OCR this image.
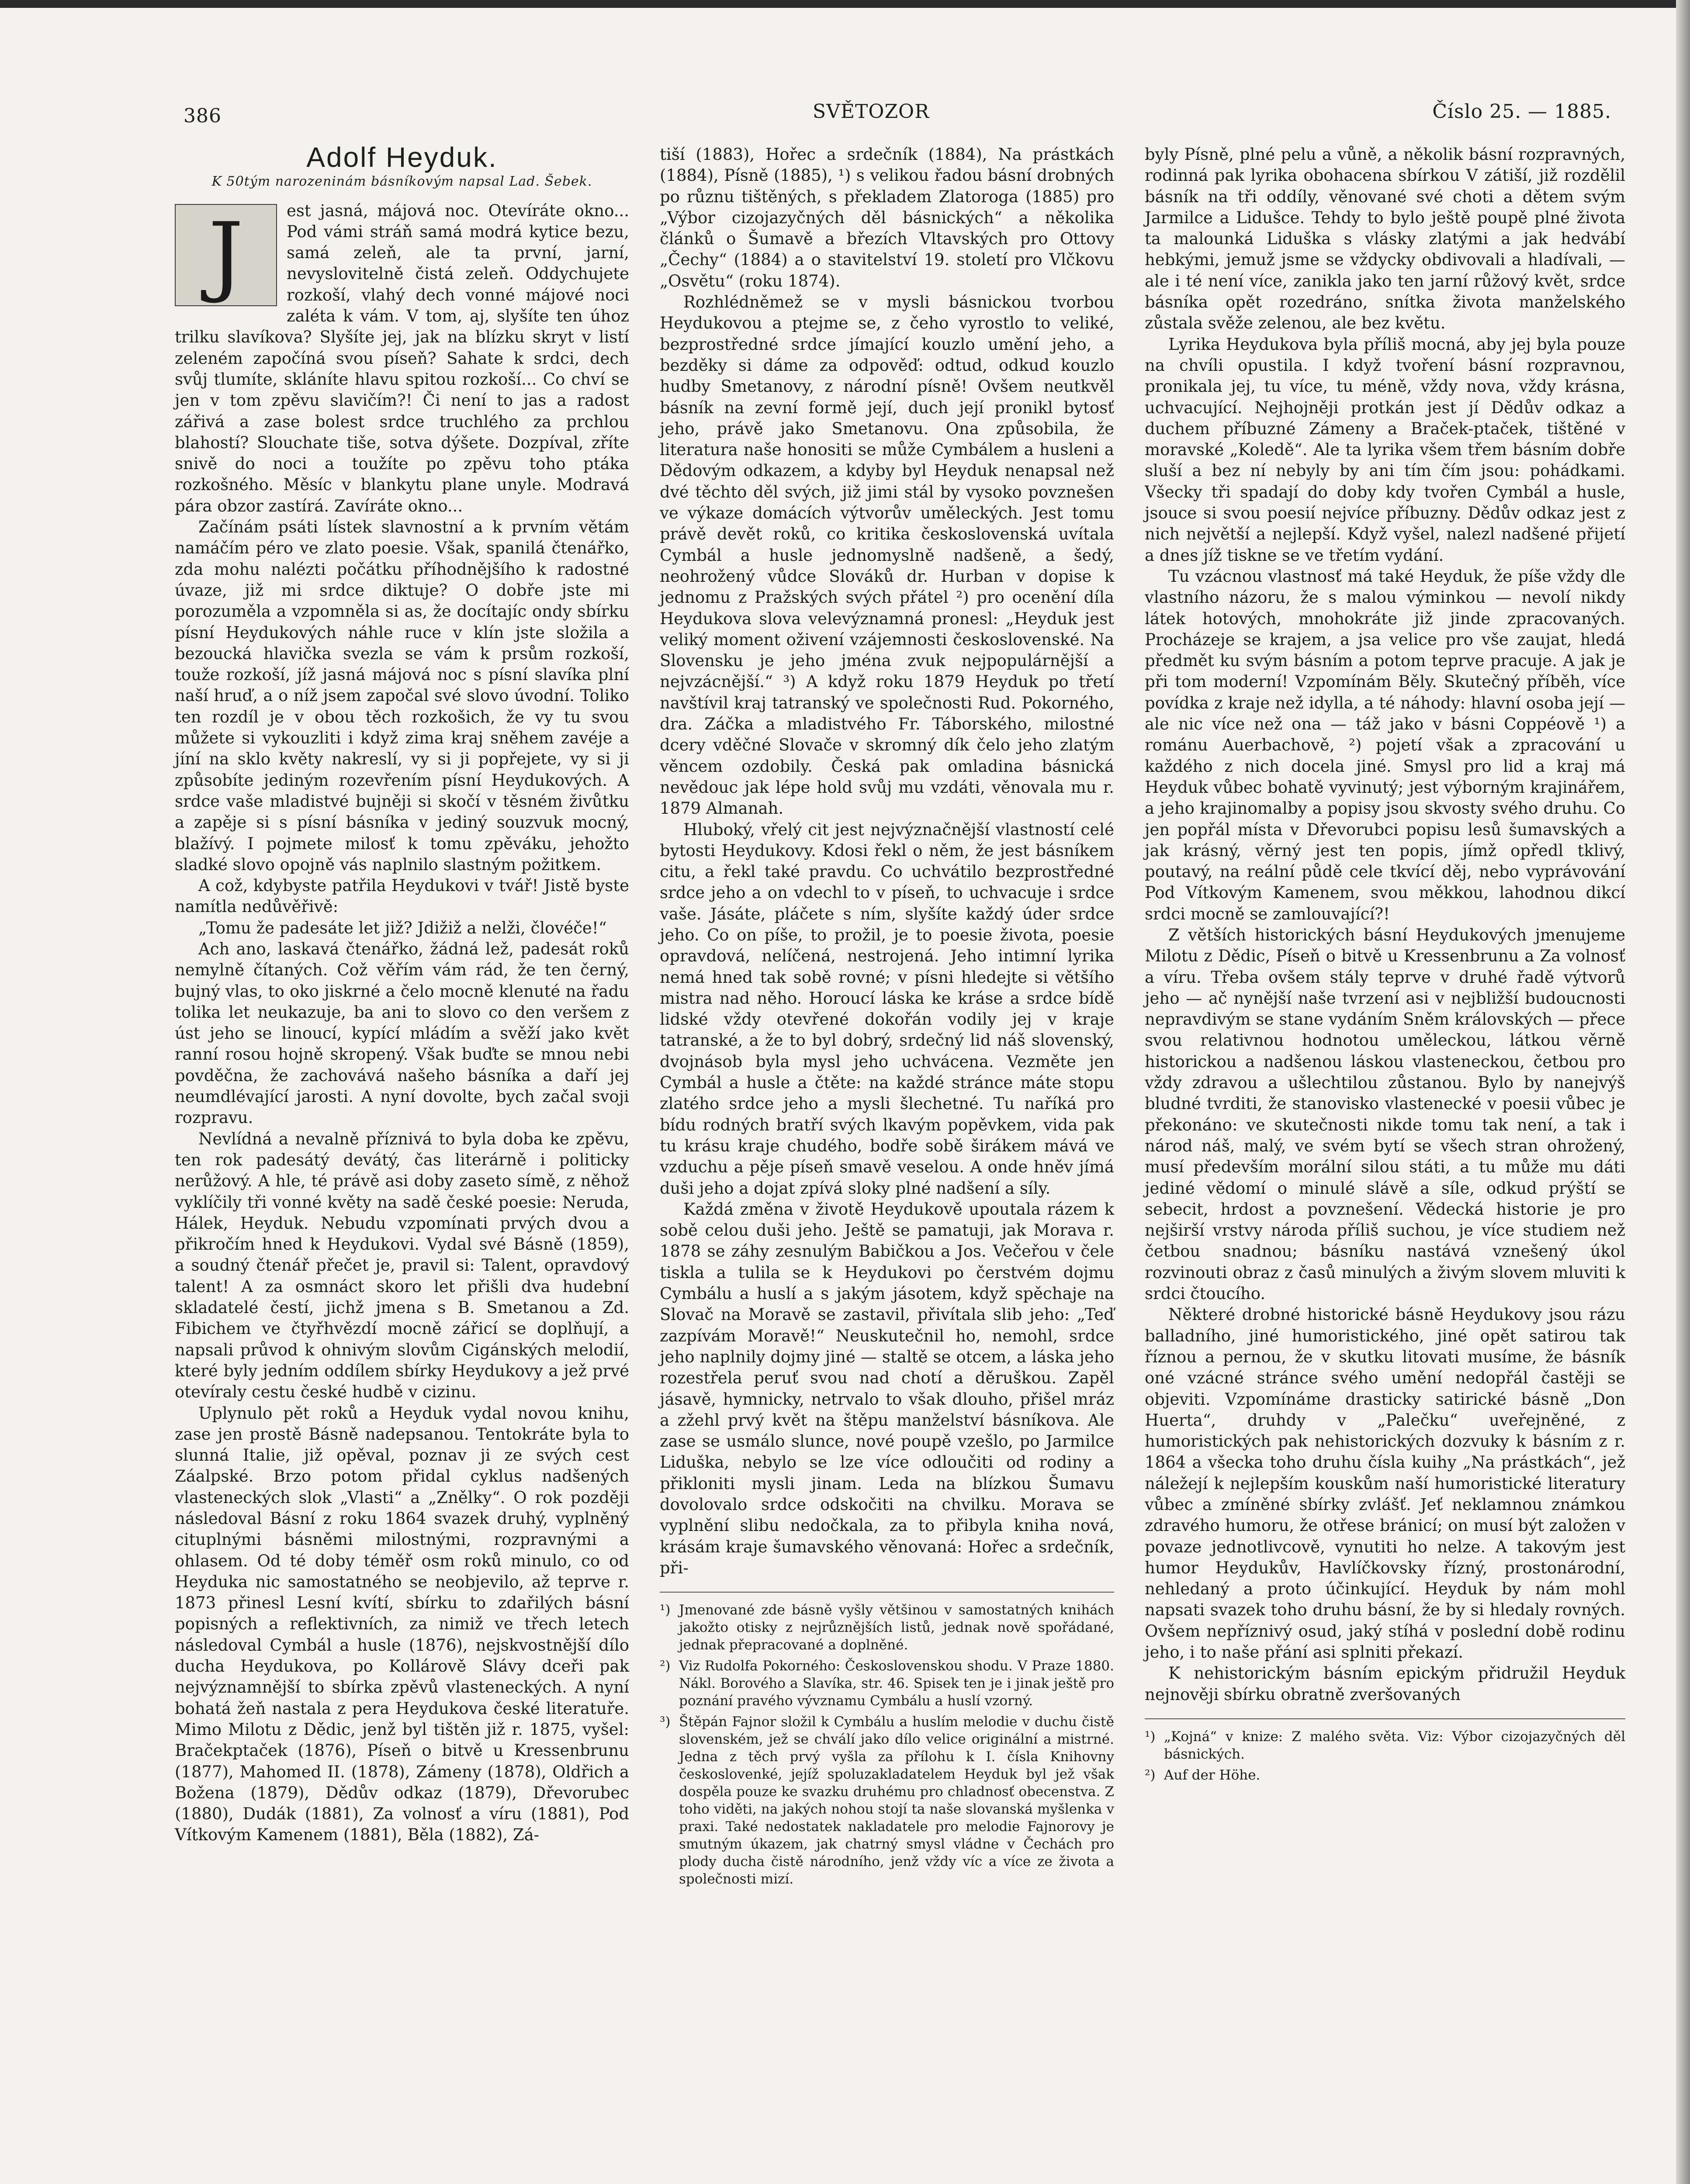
386	SVĚTOZOR	Číslo 25. — 1885.
Adolf Heyduk.
K 50tým narozeninám básníkovým napsal Lad. Šebek.
J	est jasná, májová noc. Otevíráte okno... Pod vámi stráň samá modrá kytice bezu, samá zeleň, ale ta první, jarní, nevyslovitelně čistá zeleň. Oddychujete rozkoší, vlahý dech vonné májové noci zaléta k vám. V tom, aj, slyšíte ten úhoz trilku slavíkova? Slyšíte jej, jak na blízku skryt v listí zeleném započíná svou píseň? Sahate k srdci, dech svůj tlumíte, skláníte hlavu spitou rozkoší... Co chví se jen v tom zpěvu slavičím?! Či není to jas a radost zářivá a zase bolest srdce truchlého za prchlou blahostí? Slouchate tiše, sotva dýšete. Dozpíval, zříte snivě do noci a toužíte po zpěvu toho ptáka rozkošného. Měsíc v blankytu plane unyle. Modravá pára obzor zastírá. Zavíráte okno...

Začínám psáti lístek slavnostní a k prvním větám namáčím péro ve zlato poesie. Však, spanilá čtenářko, zda mohu nalézti počátku příhodnějšího k radostné úvaze, již mi srdce diktuje? O dobře jste mi porozuměla a vzpomněla si as, že docítajíc ondy sbírku písní Heydukových náhle ruce v klín jste složila a bezoucká hlavička svezla se vám k prsům rozkoší, touže rozkoší, jíž jasná májová noc s písní slavíka plní naší hruď, a o níž jsem započal své slovo úvodní. Toliko ten rozdíl je v obou těch rozkošich, že vy tu svou můžete si vykouzliti i když zima kraj sněhem zavéje a jíní na sklo květy nakreslí, vy si ji popřejete, vy si ji způsobíte jediným rozevřením písní Heydukových. A srdce vaše mladistvé bujněji si skočí v těsném živůtku a zapěje si s písní básníka v jediný souzvuk mocný, blažívý. I pojmete milosť k tomu zpěváku, jehožto sladké slovo opojně vás naplnilo slastným požitkem.

A což, kdybyste patřila Heydukovi v tvář! Jistě byste namítla nedůvěřivě:

„Tomu že padesáte let již? Jdižiž a nelži, človéče!“

Ach ano, laskavá čtenářko, žádná lež, padesát roků nemylně čítaných. Což věřím vám rád, že ten černý, bujný vlas, to oko jiskrné a čelo mocně klenuté na řadu tolika let neukazuje, ba ani to slovo co den veršem z úst jeho se linoucí, kypící mládím a svěží jako květ ranní rosou hojně skropený. Však buďte se mnou nebi povděčna, že zachovává našeho básníka a daří jej neumdlévající jarosti. A nyní dovolte, bych začal svoji rozpravu.

Nevlídná a nevalně příznivá to byla doba ke zpěvu, ten rok padesátý devátý, čas literárně i politicky nerůžový. A hle, té právě asi doby zaseto símě, z něhož vyklíčily tři vonné květy na sadě české poesie: Neruda, Hálek, Heyduk. Nebudu vzpomínati prvých dvou a přikročím hned k Heydukovi. Vydal své Básně (1859), a soudný čtenář přečet je, pravil si: Talent, opravdový talent! A za osmnáct skoro let přišli dva hudební skladatelé čestí, jichž jmena s B. Smetanou a Zd. Fibichem ve čtyřhvězdí mocně zářicí se doplňují, a napsali průvod k ohnivým slovům Cigánských melodií, které byly jedním oddílem sbírky Heydukovy a jež prvé otevíraly cestu české hudbě v cizinu.

Uplynulo pět roků a Heyduk vydal novou knihu, zase jen prostě Básně nadepsanou. Tentokráte byla to slunná Italie, již opěval, poznav ji ze svých cest Záalpské. Brzo potom přidal cyklus nadšených vlasteneckých slok „Vlasti“ a „Znělky“. O rok později následoval Básní z roku 1864 svazek druhý, vyplněný cituplnými básněmi milostnými, rozpravnými a ohlasem. Od té doby téměř osm roků minulo, co od Heyduka nic samostatného se neobjevilo, až teprve r. 1873 přinesl Lesní kvítí, sbírku to zdařilých básní popisných a reflektivních, za nimiž ve třech letech následoval Cymbál a husle (1876), nejskvostnější dílo ducha Heydukova, po Kollárově Slávy dceři pak nejvýznamnější to sbírka zpěvů vlasteneckých. A nyní bohatá žeň nastala z pera Heydukova české literatuře. Mimo Milotu z Dědic, jenž byl tištěn již r. 1875, vyšel: Bračekptaček (1876), Píseň o bitvě u Kressenbrunu (1877), Mahomed II. (1878), Zámeny (1878), Oldřich a Božena (1879), Dědův odkaz (1879), Dřevorubec (1880), Dudák (1881), Za volnosť a víru (1881), Pod Vítkovým Kamenem (1881), Běla (1882), Zá-

tiší (1883), Hořec a srdečník (1884), Na prástkách (1884), Písně (1885), ¹) s velikou řadou básní drobných po různu tištěných, s překladem Zlatoroga (1885) pro „Výbor cizojazyčných děl básnických“ a několika článků o Šumavě a březích Vltavských pro Ottovy „Čechy“ (1884) a o stavitelství 19. století pro Vlčkovu „Osvětu“ (roku 1874).

Rozhlédněmež se v mysli básnickou tvorbou Heydukovou a ptejme se, z čeho vyrostlo to veliké, bezprostředné srdce jímající kouzlo umění jeho, a bezděky si dáme za odpověď: odtud, odkud kouzlo hudby Smetanovy, z národní písně! Ovšem neutkvěl básník na zevní formě její, duch její pronikl bytosť jeho, právě jako Smetanovu. Ona způsobila, že literatura naše honositi se může Cymbálem a husleni a Dědovým odkazem, a kdyby byl Heyduk nenapsal než dvé těchto děl svých, již jimi stál by vysoko povznešen ve výkaze domácích výtvorův uměleckých. Jest tomu právě devět roků, co kritika československá uvítala Cymbál a husle jednomyslně nadšeně, a šedý, neohrožený vůdce Slováků dr. Hurban v dopise k jednomu z Pražských svých přátel ²) pro ocenění díla Heydukova slova velevýznamná pronesl: „Heyduk jest veliký moment oživení vzájemnosti československé. Na Slovensku je jeho jména zvuk nejpopulárnější a nejvzácnější.“ ³) A když roku 1879 Heyduk po třetí navštívil kraj tatranský ve společnosti Rud. Pokorného, dra. Záčka a mladistvého Fr. Táborského, milostné dcery vděčné Slovače v skromný dík čelo jeho zlatým věncem ozdobily. Česká pak omladina básnická nevědouc jak lépe hold svůj mu vzdáti, věnovala mu r. 1879 Almanah.

Hluboký, vřelý cit jest nejvýznačnější vlastností celé bytosti Heydukovy. Kdosi řekl o něm, že jest básníkem citu, a řekl také pravdu. Co uchvátilo bezprostředné srdce jeho a on vdechl to v píseň, to uchvacuje i srdce vaše. Jásáte, pláčete s ním, slyšíte každý úder srdce jeho. Co on píše, to prožil, je to poesie života, poesie opravdová, nelíčená, nestrojená. Jeho intimní lyrika nemá hned tak sobě rovné; v písni hledejte si většího mistra nad něho. Horoucí láska ke kráse a srdce bídě lidské vždy otevřené dokořán vodily jej v kraje tatranské, a že to byl dobrý, srdečný lid náš slovenský, dvojnásob byla mysl jeho uchvácena. Vezměte jen Cymbál a husle a čtěte: na každé stránce máte stopu zlatého srdce jeho a mysli šlechetné. Tu naříká pro bídu rodných bratří svých lkavým popěvkem, vida pak tu krásu kraje chudého, bodře sobě širákem mává ve vzduchu a pěje píseň smavě veselou. A onde hněv jímá duši jeho a dojat zpívá sloky plné nadšení a síly.

Každá změna v životě Heydukově upoutala rázem k sobě celou duši jeho. Ještě se pamatuji, jak Morava r. 1878 se záhy zesnulým Babičkou a Jos. Večeřou v čele tiskla a tulila se k Heydukovi po čerstvém dojmu Cymbálu a huslí a s jakým jásotem, když spěchaje na Slovač na Moravě se zastavil, přivítala slib jeho: „Teď zazpívám Moravě!“ Neuskutečnil ho, nemohl, srdce jeho naplnily dojmy jiné — staltě se otcem, a láska jeho rozestřela peruť svou nad chotí a děruškou. Zapěl jásavě, hymnicky, netrvalo to však dlouho, přišel mráz a zžehl prvý květ na štěpu manželství básníkova. Ale zase se usmálo slunce, nové poupě vzešlo, po Jarmilce Liduška, nebylo se lze více odloučiti od rodiny a přikloniti mysli jinam. Leda na blízkou Šumavu dovolovalo srdce odskočiti na chvilku. Morava se vyplnění slibu nedočkala, za to přibyla kniha nová, krásám kraje šumavského věnovaná: Hořec a srdečník, při-

¹) Jmenované zde básně vyšly většinou v samostatných knihách jakožto otisky z nejrůznějších listů, jednak nově spořádané, jednak přepracované a doplněné.

²) Viz Rudolfa Pokorného: Československou shodu. V Praze 1880. Nákl. Borového a Slavíka, str. 46. Spisek ten je i jinak ještě pro poznání pravého vývznamu Cymbálu a huslí vzorný.

³) Štěpán Fajnor složil k Cymbálu a huslím melodie v duchu čistě slovenském, jež se chválí jako dílo velice originální a mistrné. Jedna z těch prvý vyšla za přílohu k I. čísla Knihovny českoslovenké, jejíž spoluzakladatelem Heyduk byl jež však dospěla pouze ke svazku druhému pro chladnosť obecenstva. Z toho viděti, na jakých nohou stojí ta naše slovanská myšlenka v praxi. Také nedostatek nakladatele pro melodie Fajnorovy je smutným úkazem, jak chatrný smysl vládne v Čechách pro plody ducha čistě národního, jenž vždy víc a více ze života a společnosti mizí.

byly Písně, plné pelu a vůně, a několik básní rozpravných, rodinná pak lyrika obohacena sbírkou V zátiší, již rozdělil básník na tři oddíly, věnované své choti a dětem svým Jarmilce a Lidušce. Tehdy to bylo ještě poupě plné života ta malounká Liduška s vlásky zlatými a jak hedvábí hebkými, jemuž jsme se vždycky obdivovali a hladívali, — ale i té není více, zanikla jako ten jarní růžový květ, srdce básníka opět rozedráno, snítka života manželského zůstala svěže zelenou, ale bez květu.

Lyrika Heydukova byla příliš mocná, aby jej byla pouze na chvíli opustila. I když tvoření básní rozpravnou, pronikala jej, tu více, tu méně, vždy nova, vždy krásna, uchvacující. Nejhojněji protkán jest jí Dědův odkaz a duchem příbuzné Zámeny a Braček-ptaček, tištěné v moravské „Koledě“. Ale ta lyrika všem třem básním dobře sluší a bez ní nebyly by ani tím čím jsou: pohádkami. Všecky tři spadají do doby kdy tvořen Cymbál a husle, jsouce si svou poesií nejvíce příbuzny. Dědův odkaz jest z nich největší a nejlepší. Když vyšel, nalezl nadšené přijetí a dnes jíž tiskne se ve třetím vydání.

Tu vzácnou vlastnosť má také Heyduk, že píše vždy dle vlastního názoru, že s malou výminkou — nevolí nikdy látek hotových, mnohokráte již jinde zpracovaných. Procházeje se krajem, a jsa velice pro vše zaujat, hledá předmět ku svým básním a potom teprve pracuje. A jak je při tom moderní! Vzpomínám Běly. Skutečný příběh, více povídka z kraje než idylla, a té náhody: hlavní osoba její — ale nic více než ona — táž jako v básni Coppéově ¹) a románu Auerbachově, ²) pojetí však a zpracování u každého z nich docela jiné. Smysl pro lid a kraj má Heyduk vůbec bohatě vyvinutý; jest výborným krajinářem, a jeho krajinomalby a popisy jsou skvosty svého druhu. Co jen popřál místa v Dřevorubci popisu lesů šumavských a jak krásný, věrný jest ten popis, jímž opředl tklivý, poutavý, na reální půdě cele tkvící děj, nebo vyprávování Pod Vítkovým Kamenem, svou měkkou, lahodnou dikcí srdci mocně se zamlouvající?!

Z větších historických básní Heydukových jmenujeme Milotu z Dědic, Píseň o bitvě u Kressenbrunu a Za volnosť a víru. Třeba ovšem stály teprve v druhé řadě výtvorů jeho — ač nynější naše tvrzení asi v nejbližší budoucnosti nepravdivým se stane vydáním Sněm královských — přece svou relativnou hodnotou uměleckou, látkou věrně historickou a nadšenou láskou vlasteneckou, četbou pro vždy zdravou a ušlechtilou zůstanou. Bylo by nanejvýš bludné tvrditi, že stanovisko vlastenecké v poesii vůbec je překonáno: ve skutečnosti nikde tomu tak není, a tak i národ náš, malý, ve svém bytí se všech stran ohrožený, musí především morální silou státi, a tu může mu dáti jediné vědomí o minulé slávě a síle, odkud prýští se sebecit, hrdost a povznešení. Vědecká historie je pro nejširší vrstvy národa příliš suchou, je více studiem než četbou snadnou; básníku nastává vznešený úkol rozvinouti obraz z časů minulých a živým slovem mluviti k srdci čtoucího.

Některé drobné historické básně Heydukovy jsou rázu balladního, jiné humoristického, jiné opět satirou tak říznou a pernou, že v skutku litovati musíme, že básník oné vzácné stránce svého umění nedopřál častěji se objeviti. Vzpomínáme drasticky satirické básně „Don Huerta“, druhdy v „Palečku“ uveřejněné, z humoristických pak nehistorických dozvuky k básním z r. 1864 a všecka toho druhu čísla kuihy „Na prástkách“, jež náležejí k nejlepším kouskům naší humoristické literatury vůbec a zmíněné sbírky zvlášť. Jeť neklamnou známkou zdravého humoru, že otřese bránicí; on musí být založen v povaze jednotlivcově, vynutiti ho nelze. A takovým jest humor Heydukův, Havlíčkovsky řízný, prostonárodní, nehledaný a proto účinkující. Heyduk by nám mohl napsati svazek toho druhu básní, že by si hledaly rovných. Ovšem nepříznivý osud, jaký stíhá v poslední době rodinu jeho, i to naše přání asi splniti překazí.

K nehistorickým básním epickým přidružil Heyduk nejnověji sbírku obratně zveršovaných

¹) „Kojná“ v knize: Z malého světa. Viz: Výbor cizojazyčných děl básnických.

²) Auf der Höhe.
